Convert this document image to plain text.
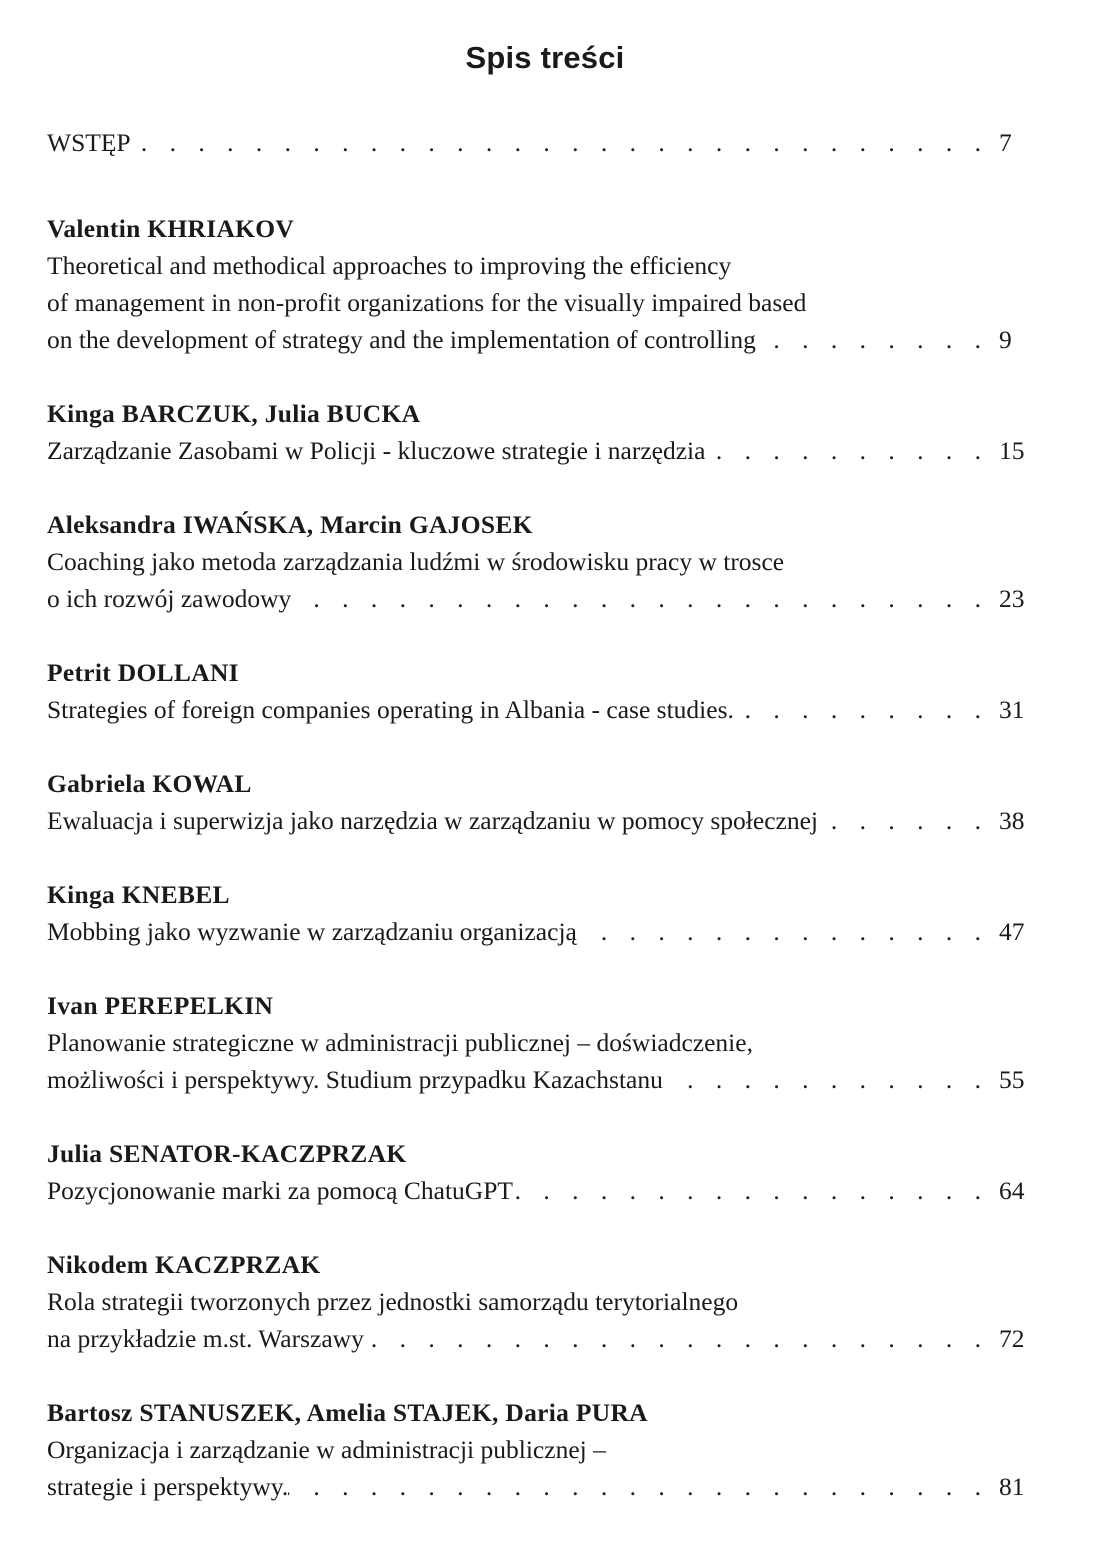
Spis treści
WSTĘP . . .	7
Valentin KHRIAKOV
Theoretical and methodical approaches to improving the efficiency
of management in non-profit organizations for the visually impaired based
on the development of strategy and the implementation of controlling . . .	9
Kinga BARCZUK, Julia BUCKA
Zarządzanie Zasobami w Policji - kluczowe strategie i narzędzia . . .	15
Aleksandra IWAŃSKA, Marcin GAJOSEK
Coaching jako metoda zarządzania ludźmi w środowisku pracy w trosce
o ich rozwój zawodowy . . .	23
Petrit DOLLANI
Strategies of foreign companies operating in Albania - case studies. . . .	31
Gabriela KOWAL
Ewaluacja i superwizja jako narzędzia w zarządzaniu w pomocy społecznej . . .	38
Kinga KNEBEL
Mobbing jako wyzwanie w zarządzaniu organizacją . . .	47
Ivan PEREPELKIN
Planowanie strategiczne w administracji publicznej – doświadczenie,
możliwości i perspektywy. Studium przypadku Kazachstanu . . .	55
Julia SENATOR-KACZPRZAK
Pozycjonowanie marki za pomocą ChatuGPT . . .	64
Nikodem KACZPRZAK
Rola strategii tworzonych przez jednostki samorządu terytorialnego
na przykładzie m.st. Warszawy . . .	72
Bartosz STANUSZEK, Amelia STAJEK, Daria PURA
Organizacja i zarządzanie w administracji publicznej –
strategie i perspektywy. . . .	81
